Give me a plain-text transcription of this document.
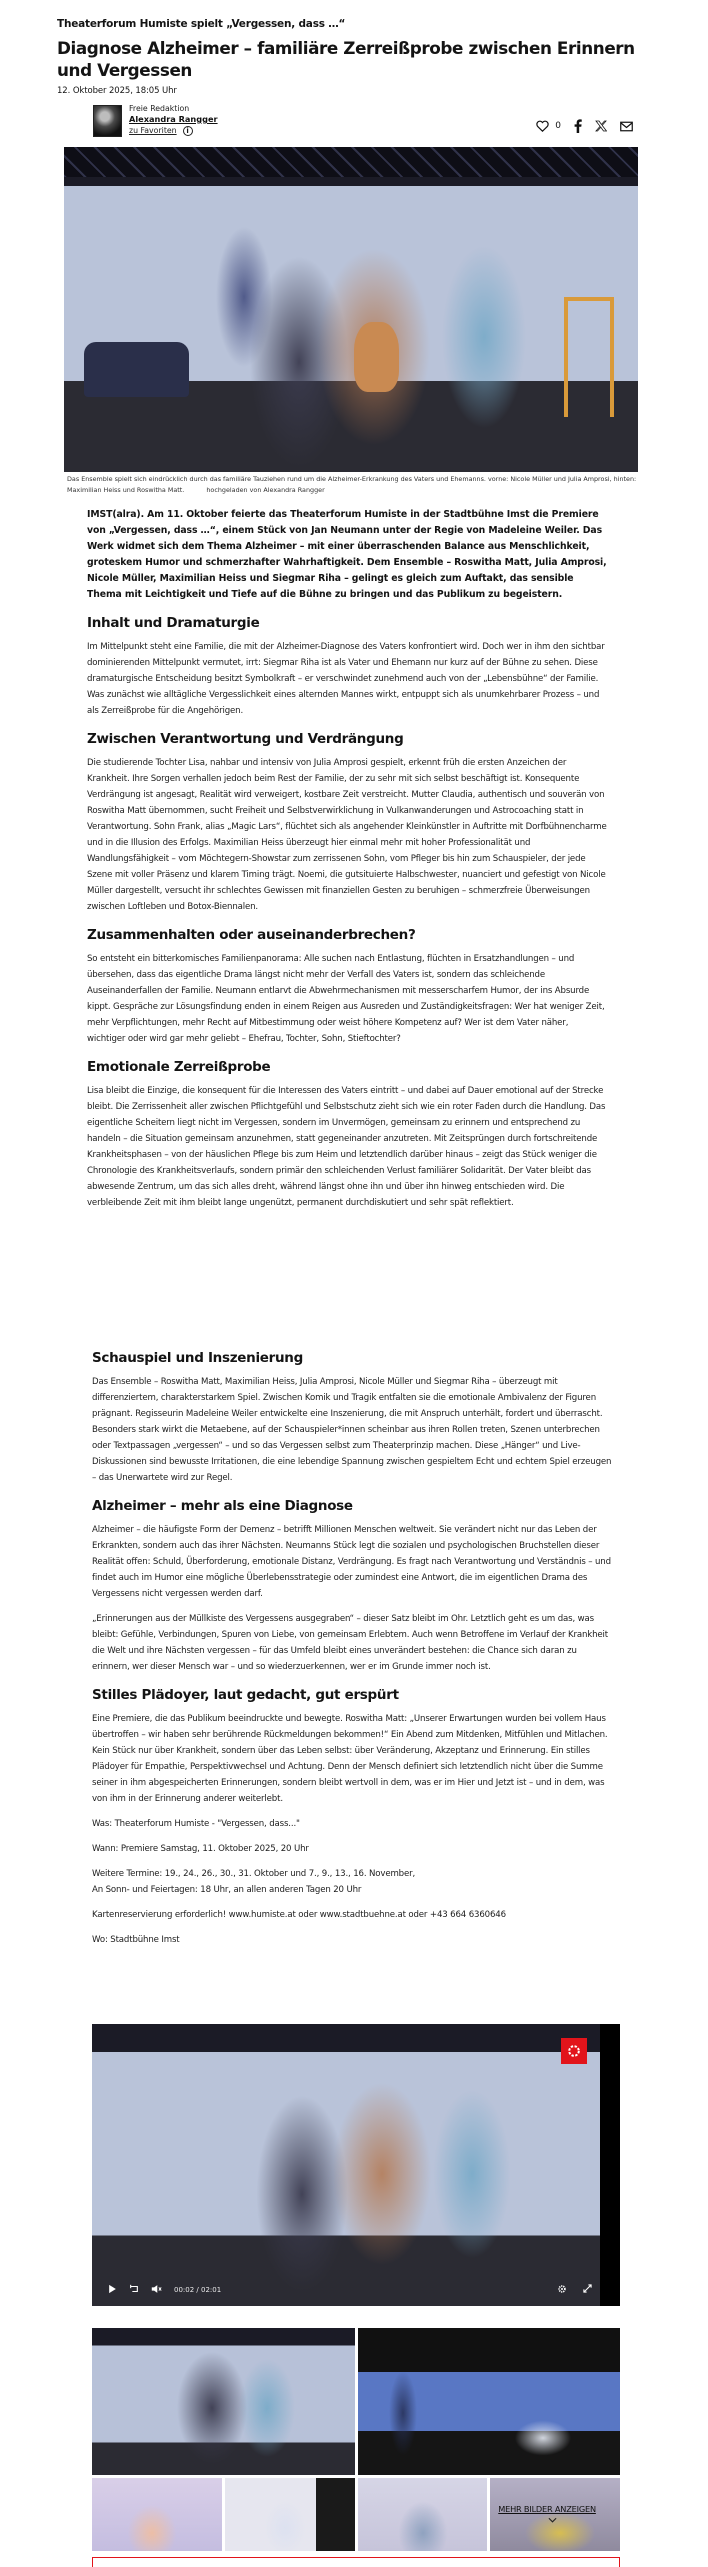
Theaterforum Humiste spielt „Vergessen, dass …“
Diagnose Alzheimer – familiäre Zerreißprobe zwischen Erinnern und Vergessen
12. Oktober 2025, 18:05 Uhr
Freie Redaktion
Alexandra Rangger
zu Favoriten	i	0
Das Ensemble spielt sich eindrücklich durch das familiäre Tauziehen rund um die Alzheimer-Erkrankung des Vaters und Ehemanns. vorne: Nicole Müller und Julia Amprosi, hinten: Maximilian Heiss und Roswitha Matt.	hochgeladen von Alexandra Rangger

IMST(alra). Am 11. Oktober feierte das Theaterforum Humiste in der Stadtbühne Imst die Premiere von „Vergessen, dass …“, einem Stück von Jan Neumann unter der Regie von Madeleine Weiler. Das Werk widmet sich dem Thema Alzheimer – mit einer überraschenden Balance aus Menschlichkeit, groteskem Humor und schmerzhafter Wahrhaftigkeit. Dem Ensemble – Roswitha Matt, Julia Amprosi, Nicole Müller, Maximilian Heiss und Siegmar Riha – gelingt es gleich zum Auftakt, das sensible Thema mit Leichtigkeit und Tiefe auf die Bühne zu bringen und das Publikum zu begeistern.

Inhalt und Dramaturgie

Im Mittelpunkt steht eine Familie, die mit der Alzheimer-Diagnose des Vaters konfrontiert wird. Doch wer in ihm den sichtbar dominierenden Mittelpunkt vermutet, irrt: Siegmar Riha ist als Vater und Ehemann nur kurz auf der Bühne zu sehen. Diese dramaturgische Entscheidung besitzt Symbolkraft – er verschwindet zunehmend auch von der „Lebensbühne“ der Familie. Was zunächst wie alltägliche Vergesslichkeit eines alternden Mannes wirkt, entpuppt sich als unumkehrbarer Prozess – und als Zerreißprobe für die Angehörigen.

Zwischen Verantwortung und Verdrängung

Die studierende Tochter Lisa, nahbar und intensiv von Julia Amprosi gespielt, erkennt früh die ersten Anzeichen der Krankheit. Ihre Sorgen verhallen jedoch beim Rest der Familie, der zu sehr mit sich selbst beschäftigt ist. Konsequente Verdrängung ist angesagt, Realität wird verweigert, kostbare Zeit verstreicht. Mutter Claudia, authentisch und souverän von Roswitha Matt übernommen, sucht Freiheit und Selbstverwirklichung in Vulkanwanderungen und Astrocoaching statt in Verantwortung. Sohn Frank, alias „Magic Lars“, flüchtet sich als angehender Kleinkünstler in Auftritte mit Dorfbühnencharme und in die Illusion des Erfolgs. Maximilian Heiss überzeugt hier einmal mehr mit hoher Professionalität und Wandlungsfähigkeit – vom Möchtegern-Showstar zum zerrissenen Sohn, vom Pfleger bis hin zum Schauspieler, der jede Szene mit voller Präsenz und klarem Timing trägt. Noemi, die gutsituierte Halbschwester, nuanciert und gefestigt von Nicole Müller dargestellt, versucht ihr schlechtes Gewissen mit finanziellen Gesten zu beruhigen – schmerzfreie Überweisungen zwischen Loftleben und Botox-Biennalen.

Zusammenhalten oder auseinanderbrechen?

So entsteht ein bitterkomisches Familienpanorama: Alle suchen nach Entlastung, flüchten in Ersatzhandlungen – und übersehen, dass das eigentliche Drama längst nicht mehr der Verfall des Vaters ist, sondern das schleichende Auseinanderfallen der Familie. Neumann entlarvt die Abwehrmechanismen mit messerscharfem Humor, der ins Absurde kippt. Gespräche zur Lösungsfindung enden in einem Reigen aus Ausreden und Zuständigkeitsfragen: Wer hat weniger Zeit, mehr Verpflichtungen, mehr Recht auf Mitbestimmung oder weist höhere Kompetenz auf? Wer ist dem Vater näher, wichtiger oder wird gar mehr geliebt – Ehefrau, Tochter, Sohn, Stieftochter?

Emotionale Zerreißprobe

Lisa bleibt die Einzige, die konsequent für die Interessen des Vaters eintritt – und dabei auf Dauer emotional auf der Strecke bleibt. Die Zerrissenheit aller zwischen Pflichtgefühl und Selbstschutz zieht sich wie ein roter Faden durch die Handlung. Das eigentliche Scheitern liegt nicht im Vergessen, sondern im Unvermögen, gemeinsam zu erinnern und entsprechend zu handeln – die Situation gemeinsam anzunehmen, statt gegeneinander anzutreten. Mit Zeitsprüngen durch fortschreitende Krankheitsphasen – von der häuslichen Pflege bis zum Heim und letztendlich darüber hinaus – zeigt das Stück weniger die Chronologie des Krankheitsverlaufs, sondern primär den schleichenden Verlust familiärer Solidarität. Der Vater bleibt das abwesende Zentrum, um das sich alles dreht, während längst ohne ihn und über ihn hinweg entschieden wird. Die verbleibende Zeit mit ihm bleibt lange ungenützt, permanent durchdiskutiert und sehr spät reflektiert.

Schauspiel und Inszenierung

Das Ensemble – Roswitha Matt, Maximilian Heiss, Julia Amprosi, Nicole Müller und Siegmar Riha – überzeugt mit differenziertem, charakterstarkem Spiel. Zwischen Komik und Tragik entfalten sie die emotionale Ambivalenz der Figuren prägnant. Regisseurin Madeleine Weiler entwickelte eine Inszenierung, die mit Anspruch unterhält, fordert und überrascht. Besonders stark wirkt die Metaebene, auf der Schauspieler*innen scheinbar aus ihren Rollen treten, Szenen unterbrechen oder Textpassagen „vergessen“ – und so das Vergessen selbst zum Theaterprinzip machen. Diese „Hänger“ und Live-Diskussionen sind bewusste Irritationen, die eine lebendige Spannung zwischen gespieltem Echt und echtem Spiel erzeugen – das Unerwartete wird zur Regel.

Alzheimer – mehr als eine Diagnose

Alzheimer – die häufigste Form der Demenz – betrifft Millionen Menschen weltweit. Sie verändert nicht nur das Leben der Erkrankten, sondern auch das ihrer Nächsten. Neumanns Stück legt die sozialen und psychologischen Bruchstellen dieser Realität offen: Schuld, Überforderung, emotionale Distanz, Verdrängung. Es fragt nach Verantwortung und Verständnis – und findet auch im Humor eine mögliche Überlebensstrategie oder zumindest eine Antwort, die im eigentlichen Drama des Vergessens nicht vergessen werden darf.

„Erinnerungen aus der Müllkiste des Vergessens ausgegraben“ – dieser Satz bleibt im Ohr. Letztlich geht es um das, was bleibt: Gefühle, Verbindungen, Spuren von Liebe, von gemeinsam Erlebtem. Auch wenn Betroffene im Verlauf der Krankheit die Welt und ihre Nächsten vergessen – für das Umfeld bleibt eines unverändert bestehen: die Chance sich daran zu erinnern, wer dieser Mensch war – und so wiederzuerkennen, wer er im Grunde immer noch ist.

Stilles Plädoyer, laut gedacht, gut erspürt

Eine Premiere, die das Publikum beeindruckte und bewegte. Roswitha Matt: „Unserer Erwartungen wurden bei vollem Haus übertroffen – wir haben sehr berührende Rückmeldungen bekommen!“ Ein Abend zum Mitdenken, Mitfühlen und Mitlachen. Kein Stück nur über Krankheit, sondern über das Leben selbst: über Veränderung, Akzeptanz und Erinnerung. Ein stilles Plädoyer für Empathie, Perspektivwechsel und Achtung. Denn der Mensch definiert sich letztendlich nicht über die Summe seiner in ihm abgespeicherten Erinnerungen, sondern bleibt wertvoll in dem, was er im Hier und Jetzt ist – und in dem, was von ihm in der Erinnerung anderer weiterlebt.

Was: Theaterforum Humiste - "Vergessen, dass..."

Wann: Premiere Samstag, 11. Oktober 2025, 20 Uhr

Weitere Termine: 19., 24., 26., 30., 31. Oktober und 7., 9., 13., 16. November,
An Sonn- und Feiertagen: 18 Uhr, an allen anderen Tagen 20 Uhr

Kartenreservierung erforderlich! www.humiste.at oder www.stadtbuehne.at oder +43 664 6360646

Wo: Stadtbühne Imst

00:02 / 02:01
MEHR BILDER ANZEIGEN
